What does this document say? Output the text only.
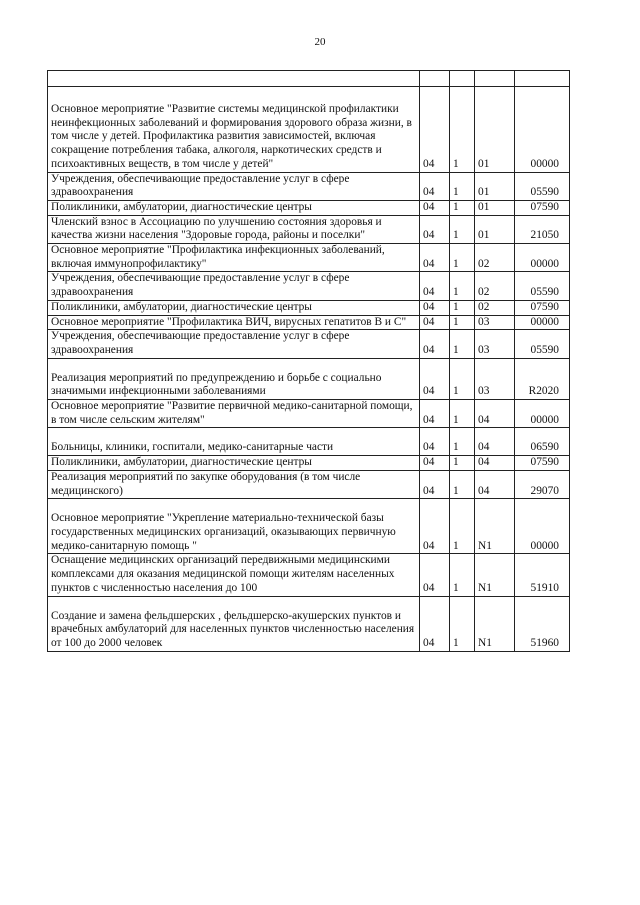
20

Основное мероприятие "Развитие системы медицинской профилактики неинфекционных заболеваний и формирования здорового образа жизни, в том числе у детей. Профилактика развития зависимостей, включая сокращение потребления табака, алкоголя, наркотических средств и психоактивных веществ, в том числе у детей"	04	1	01	00000
Учреждения, обеспечивающие предоставление услуг в сфере здравоохранения	04	1	01	05590
Поликлиники, амбулатории, диагностические центры	04	1	01	07590
Членский взнос в Ассоциацию по улучшению состояния здоровья и качества жизни населения "Здоровые города, районы и поселки"	04	1	01	21050
Основное мероприятие "Профилактика инфекционных заболеваний, включая иммунопрофилактику"	04	1	02	00000
Учреждения, обеспечивающие предоставление услуг в сфере здравоохранения	04	1	02	05590
Поликлиники, амбулатории, диагностические центры	04	1	02	07590
Основное мероприятие "Профилактика ВИЧ, вирусных гепатитов В и С"	04	1	03	00000
Учреждения, обеспечивающие предоставление услуг в сфере здравоохранения	04	1	03	05590
Реализация мероприятий по предупреждению и борьбе с социально значимыми инфекционными заболеваниями	04	1	03	R2020
Основное мероприятие "Развитие первичной медико-санитарной помощи, в том числе сельским жителям"	04	1	04	00000
Больницы, клиники, госпитали, медико-санитарные части	04	1	04	06590
Поликлиники, амбулатории, диагностические центры	04	1	04	07590
Реализация мероприятий по закупке оборудования (в том числе медицинского)	04	1	04	29070
Основное мероприятие "Укрепление материально-технической базы государственных медицинских организаций, оказывающих первичную медико-санитарную помощь "	04	1	N1	00000
Оснащение медицинских организаций передвижными медицинскими комплексами для оказания медицинской помощи жителям населенных пунктов с численностью населения до 100	04	1	N1	51910
Создание и замена фельдшерских , фельдшерско-акушерских пунктов и врачебных амбулаторий для населенных пунктов численностью населения от 100 до 2000 человек	04	1	N1	51960
